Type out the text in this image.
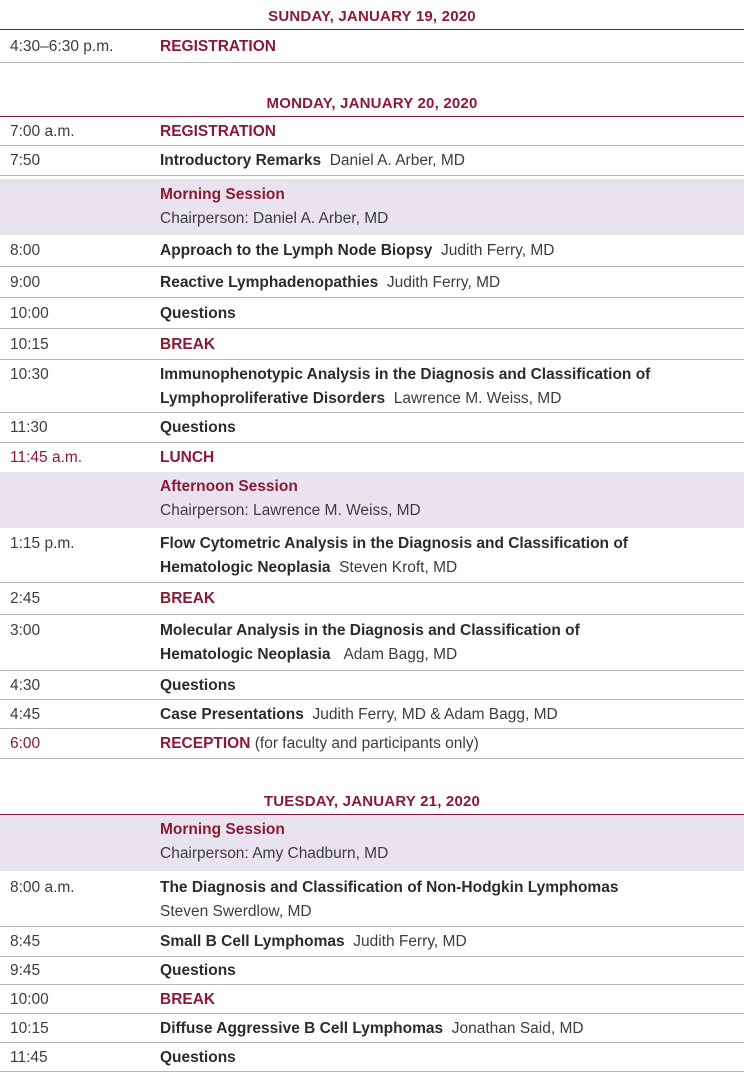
SUNDAY, JANUARY 19, 2020
4:30–6:30 p.m.	REGISTRATION
MONDAY, JANUARY 20, 2020
7:00 a.m.	REGISTRATION
7:50	Introductory Remarks Daniel A. Arber, MD
Morning Session
Chairperson: Daniel A. Arber, MD
8:00	Approach to the Lymph Node Biopsy Judith Ferry, MD
9:00	Reactive Lymphadenopathies Judith Ferry, MD
10:00	Questions
10:15	BREAK
10:30	Immunophenotypic Analysis in the Diagnosis and Classification of
Lymphoproliferative Disorders Lawrence M. Weiss, MD
11:30	Questions
11:45 a.m.	LUNCH
Afternoon Session
Chairperson: Lawrence M. Weiss, MD
1:15 p.m.	Flow Cytometric Analysis in the Diagnosis and Classification of
Hematologic Neoplasia Steven Kroft, MD
2:45	BREAK
3:00	Molecular Analysis in the Diagnosis and Classification of
Hematologic Neoplasia Adam Bagg, MD
4:30	Questions
4:45	Case Presentations Judith Ferry, MD & Adam Bagg, MD
6:00	RECEPTION (for faculty and participants only)
TUESDAY, JANUARY 21, 2020
Morning Session
Chairperson: Amy Chadburn, MD
8:00 a.m.	The Diagnosis and Classification of Non-Hodgkin Lymphomas
Steven Swerdlow, MD
8:45	Small B Cell Lymphomas Judith Ferry, MD
9:45	Questions
10:00	BREAK
10:15	Diffuse Aggressive B Cell Lymphomas Jonathan Said, MD
11:45	Questions
